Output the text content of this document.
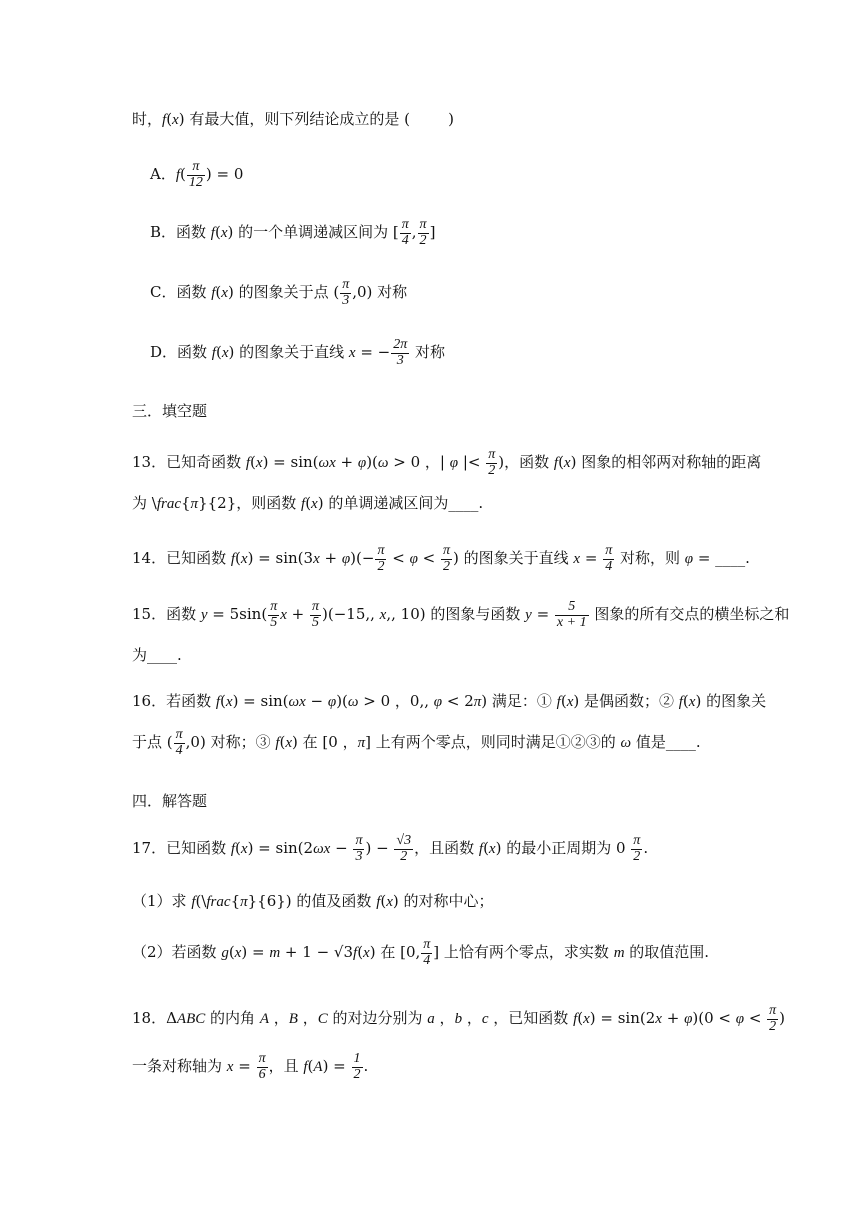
时，f(x) 有最大值，则下列结论成立的是 (        )
A．$f( \frac{\pi}{12}$ ) = 0
B．函数 f(x) 的一个单调递减区间为 [ $\frac{\pi}{4}$ , $\frac{\pi}{2}$ ]
C．函数 f(x) 的图象关于点 ( $\frac{\pi}{3} ,0$) 对称
D．函数 f(x) 的图象关于直线 x = − $\frac{2\pi}{3}$ 对称
三．填空题
13．已知奇函数 f(x) = sin(ωx + φ)(ω > 0 ，| φ |< $\frac{\pi}{2}$ )，函数 f(x) 图象的相邻两对称轴的距离
为 \frac{π}{2}，则函数 f(x) 的单调递减区间为____.
14．已知函数 $f(x) = \sin(3x + \varphi)(- \frac{\pi}{2} < \varphi < \frac{\pi}{2}$ ) 的图象关于直线 $x = \frac{\pi}{4}$ 对称，则 φ = ____.
15．函数 $y = 5\sin( \frac{\pi}{5}$ $x + \frac{\pi}{5} )(-15$,, x,, 10) 的图象与函数 $y = \frac{5}{x + 1}$ 图象的所有交点的横坐标之和
为____.
16．若函数 f(x) = sin(ωx − φ)(ω > 0 ，0,, φ < 2π) 满足：① f(x) 是偶函数；② f(x) 的图象关
于点 ( $\frac{\pi}{4} ,0$) 对称；③ f(x) 在 [0 ，π] 上有两个零点，则同时满足①②③的 ω 值是____.
四．解答题
17．已知函数 $f(x) = \sin(2\omega x - \frac{\pi}{3}$ ) − $\frac{√3}{2}$ ，且函数 f(x) 的最小正周期为 $0 \frac{\pi}{2}$ .
（1）求 f(\frac{π}{6}) 的值及函数 f(x) 的对称中心；
（2）若函数 g(x) = m + 1 − √3f(x) 在 [0, $\frac{\pi}{4}$ ] 上恰有两个零点，求实数 m 的取值范围.
18．ΔABC 的内角 A ，B ，C 的对边分别为 a ，b ，c ，已知函数 $f(x) = \sin(2x + \varphi)(0 < \varphi < \frac{\pi}{2}$ )
一条对称轴为 $x = \frac{\pi}{6}$ ，且 $f(A) = \frac{1}{2}$ .
